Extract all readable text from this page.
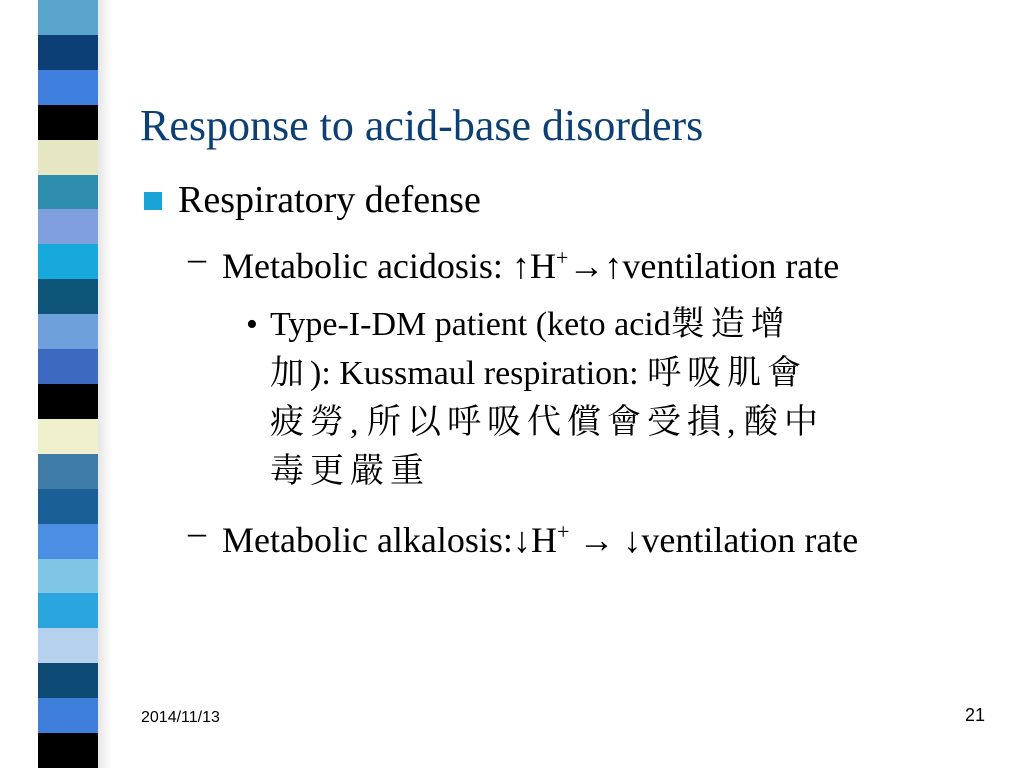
Response to acid-base disorders
Respiratory defense
– Metabolic acidosis: ↑H+→↑ventilation rate
• Type-I-DM patient (keto acid製造增加): Kussmaul respiration: 呼吸肌會疲勞, 所以呼吸代償會受損, 酸中毒更嚴重
– Metabolic alkalosis:↓H+ → ↓ventilation rate
2014/11/13	21
